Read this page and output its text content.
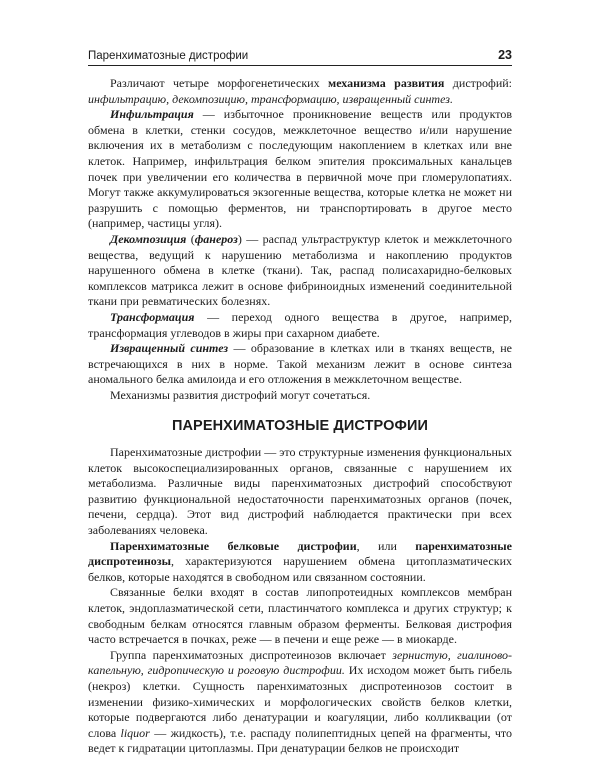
Паренхиматозные дистрофии	23

Различают четыре морфогенетических механизма развития дистрофий: инфильтрацию, декомпозицию, трансформацию, извращенный синтез.

Инфильтрация — избыточное проникновение веществ или продуктов обмена в клетки, стенки сосудов, межклеточное вещество и/или нарушение включения их в метаболизм с последующим накоплением в клетках или вне клеток. Например, инфильтрация белком эпителия проксимальных канальцев почек при увеличении его количества в первичной моче при гломерулопатиях. Могут также аккумулироваться экзогенные вещества, которые клетка не может ни разрушить с помощью ферментов, ни транспортировать в другое место (например, частицы угля).

Декомпозиция (фанероз) — распад ультраструктур клеток и межклеточного вещества, ведущий к нарушению метаболизма и накоплению продуктов нарушенного обмена в клетке (ткани). Так, распад полисахаридно-белковых комплексов матрикса лежит в основе фибриноидных изменений соединительной ткани при ревматических болезнях.

Трансформация — переход одного вещества в другое, например, трансформация углеводов в жиры при сахарном диабете.

Извращенный синтез — образование в клетках или в тканях веществ, не встречающихся в них в норме. Такой механизм лежит в основе синтеза аномального белка амилоида и его отложения в межклеточном веществе.

Механизмы развития дистрофий могут сочетаться.

ПАРЕНХИМАТОЗНЫЕ ДИСТРОФИИ

Паренхиматозные дистрофии — это структурные изменения функциональных клеток высокоспециализированных органов, связанные с нарушением их метаболизма. Различные виды паренхиматозных дистрофий способствуют развитию функциональной недостаточности паренхиматозных органов (почек, печени, сердца). Этот вид дистрофий наблюдается практически при всех заболеваниях человека.

Паренхиматозные белковые дистрофии, или паренхиматозные диспротеинозы, характеризуются нарушением обмена цитоплазматических белков, которые находятся в свободном или связанном состоянии.

Связанные белки входят в состав липопротеидных комплексов мембран клеток, эндоплазматической сети, пластинчатого комплекса и других структур; к свободным белкам относятся главным образом ферменты. Белковая дистрофия часто встречается в почках, реже — в печени и еще реже — в миокарде.

Группа паренхиматозных диспротеинозов включает зернистую, гиалиново-капельную, гидропическую и роговую дистрофии. Их исходом может быть гибель (некроз) клетки. Сущность паренхиматозных диспротеинозов состоит в изменении физико-химических и морфологических свойств белков клетки, которые подвергаются либо денатурации и коагуляции, либо колликвации (от слова liquor — жидкость), т.е. распаду полипептидных цепей на фрагменты, что ведет к гидратации цитоплазмы. При денатурации белков не происходит
